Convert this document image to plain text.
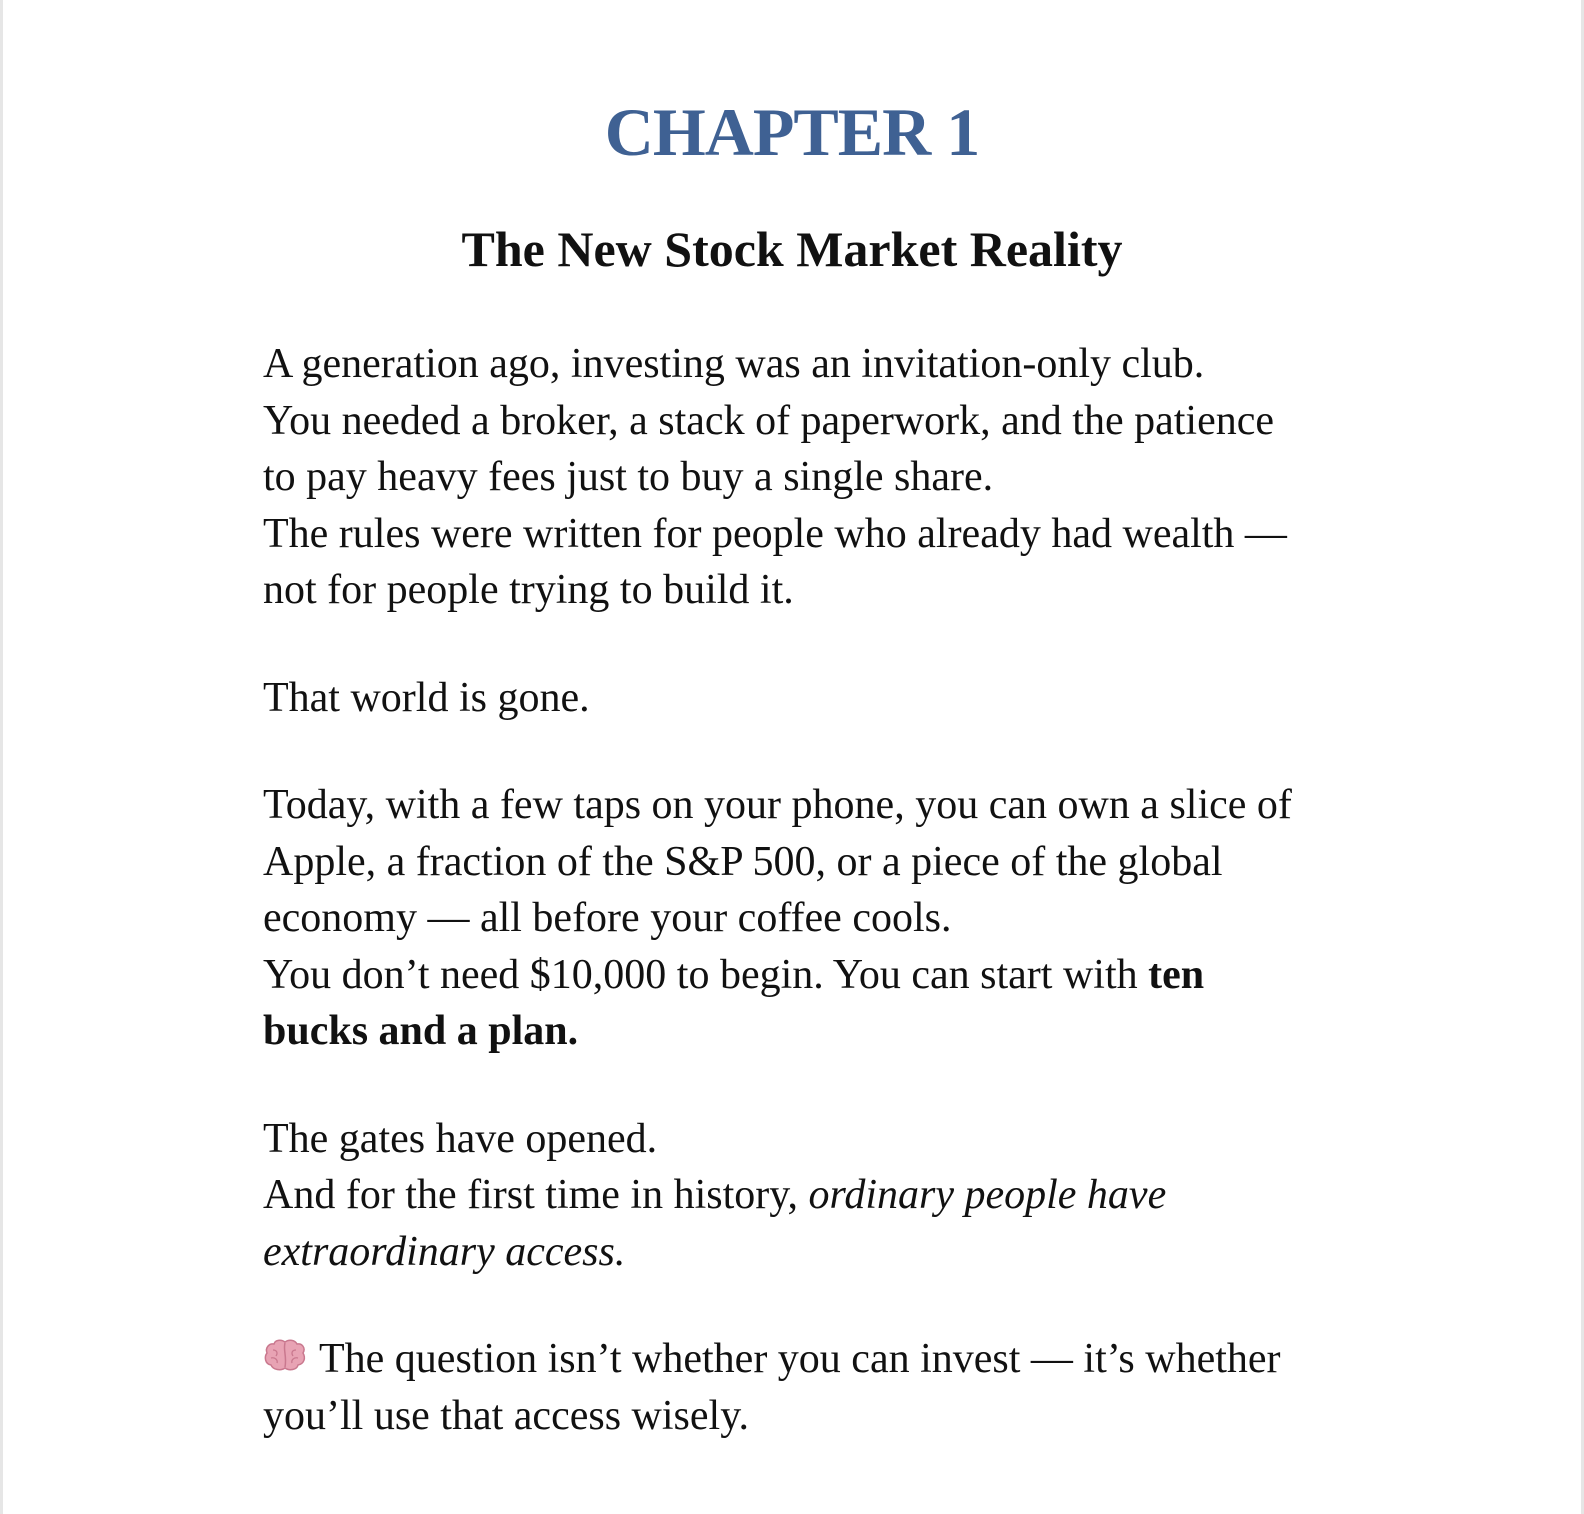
CHAPTER 1
The New Stock Market Reality
A generation ago, investing was an invitation-only club.
You needed a broker, a stack of paperwork, and the patience
to pay heavy fees just to buy a single share.
The rules were written for people who already had wealth —
not for people trying to build it.
That world is gone.
Today, with a few taps on your phone, you can own a slice of
Apple, a fraction of the S&P 500, or a piece of the global
economy — all before your coffee cools.
You don’t need $10,000 to begin. You can start with ten
bucks and a plan.
The gates have opened.
And for the first time in history, ordinary people have
extraordinary access.
The question isn’t whether you can invest — it’s whether
you’ll use that access wisely.
